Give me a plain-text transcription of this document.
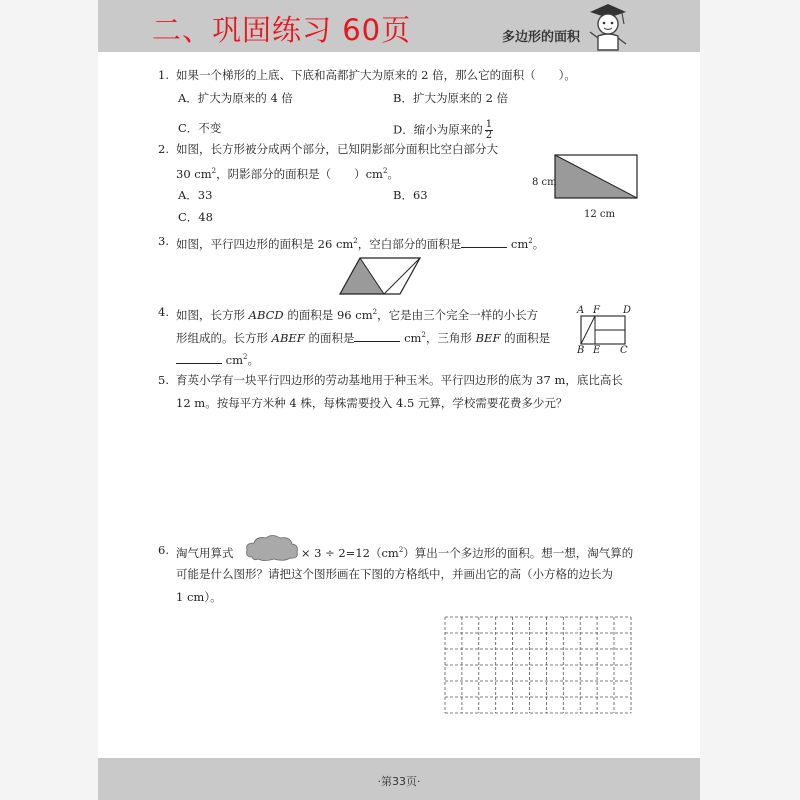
二、巩固练习 60页	多边形的面积
1. 如果一个梯形的上底、下底和高都扩大为原来的 2 倍，那么它的面积（　　）。
A．扩大为原来的 4 倍	B．扩大为原来的 2 倍
C．不变	D．缩小为原来的 $\frac{1}{2}$
2. 如图，长方形被分成两个部分，已知阴影部分面积比空白部分大
30 $cm^2$，阴影部分的面积是（　　）$cm^2$。
A．33	B．63
C．48
8 cm
12 cm
3. 如图，平行四边形的面积是 26 $cm^2$，空白部分的面积是	$cm^2$。
4. 如图，长方形 ABCD 的面积是 96 $cm^2$，它是由三个完全一样的小长方
形组成的。长方形 ABEF 的面积是	$cm^2$，三角形 BEF 的面积是
$cm^2$。
A F D
B E C
5. 育英小学有一块平行四边形的劳动基地用于种玉米。平行四边形的底为 37 m，底比高长
12 m。按每平方米种 4 株，每株需要投入 4.5 元算，学校需要花费多少元？
6. 淘气用算式	× $3 \div 2=12(cm^2)$算出一个多边形的面积。想一想，淘气算的
可能是什么图形？请把这个图形画在下图的方格纸中，并画出它的高（小方格的边长为
1 cm）。
·第33页·
